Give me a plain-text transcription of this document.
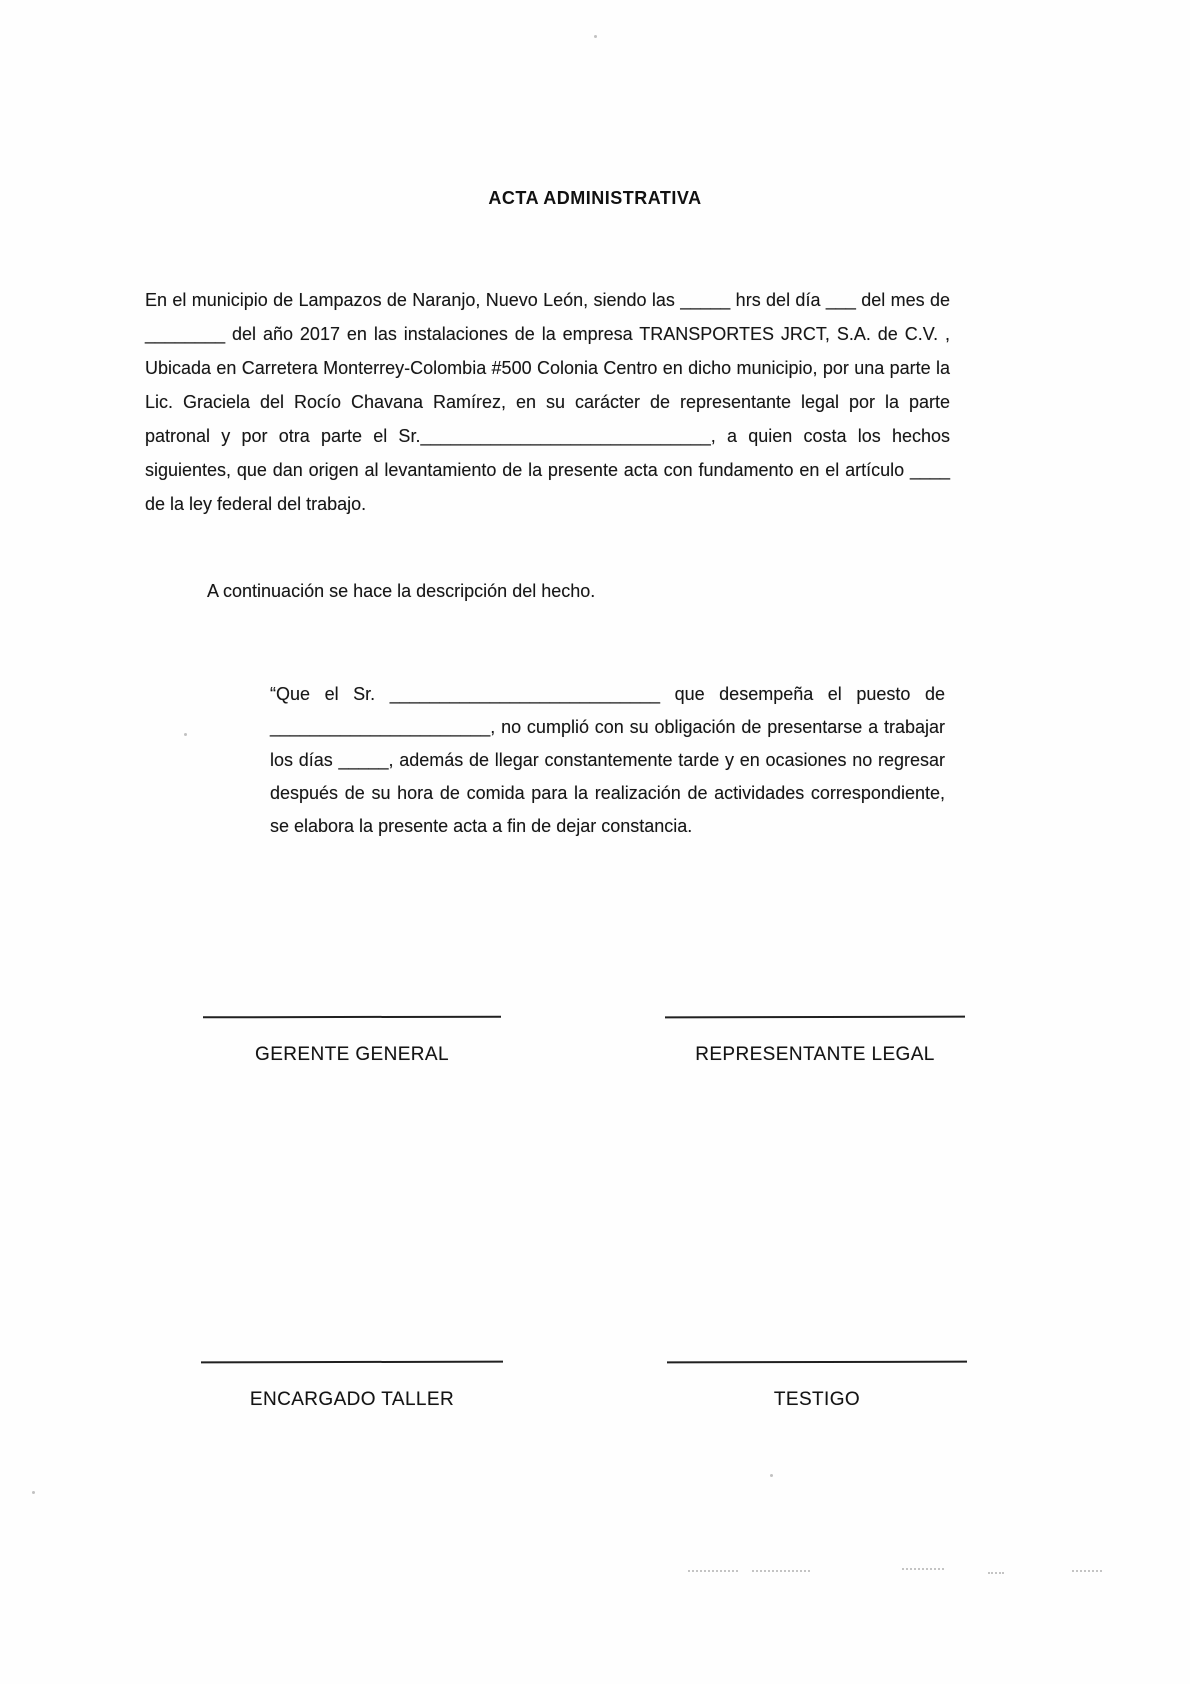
ACTA ADMINISTRATIVA

En el municipio de Lampazos de Naranjo, Nuevo León, siendo las _____ hrs del día ___ del mes de ________ del año 2017 en las instalaciones de la empresa TRANSPORTES JRCT, S.A. de C.V. , Ubicada en Carretera Monterrey-Colombia #500 Colonia Centro en dicho municipio, por una parte la Lic. Graciela del Rocío Chavana Ramírez, en su carácter de representante legal por la parte patronal y por otra parte el Sr._____________________________, a quien costa los hechos siguientes, que dan origen al levantamiento de la presente acta con fundamento en el artículo ____ de la ley federal del trabajo.

A continuación se hace la descripción del hecho.

“Que el Sr. ___________________________ que desempeña el puesto de ______________________, no cumplió con su obligación de presentarse a trabajar los días _____, además de llegar constantemente tarde y en ocasiones no regresar después de su hora de comida para la realización de actividades correspondiente, se elabora la presente acta a fin de dejar constancia.

GERENTE GENERAL	REPRESENTANTE LEGAL
ENCARGADO TALLER	TESTIGO
